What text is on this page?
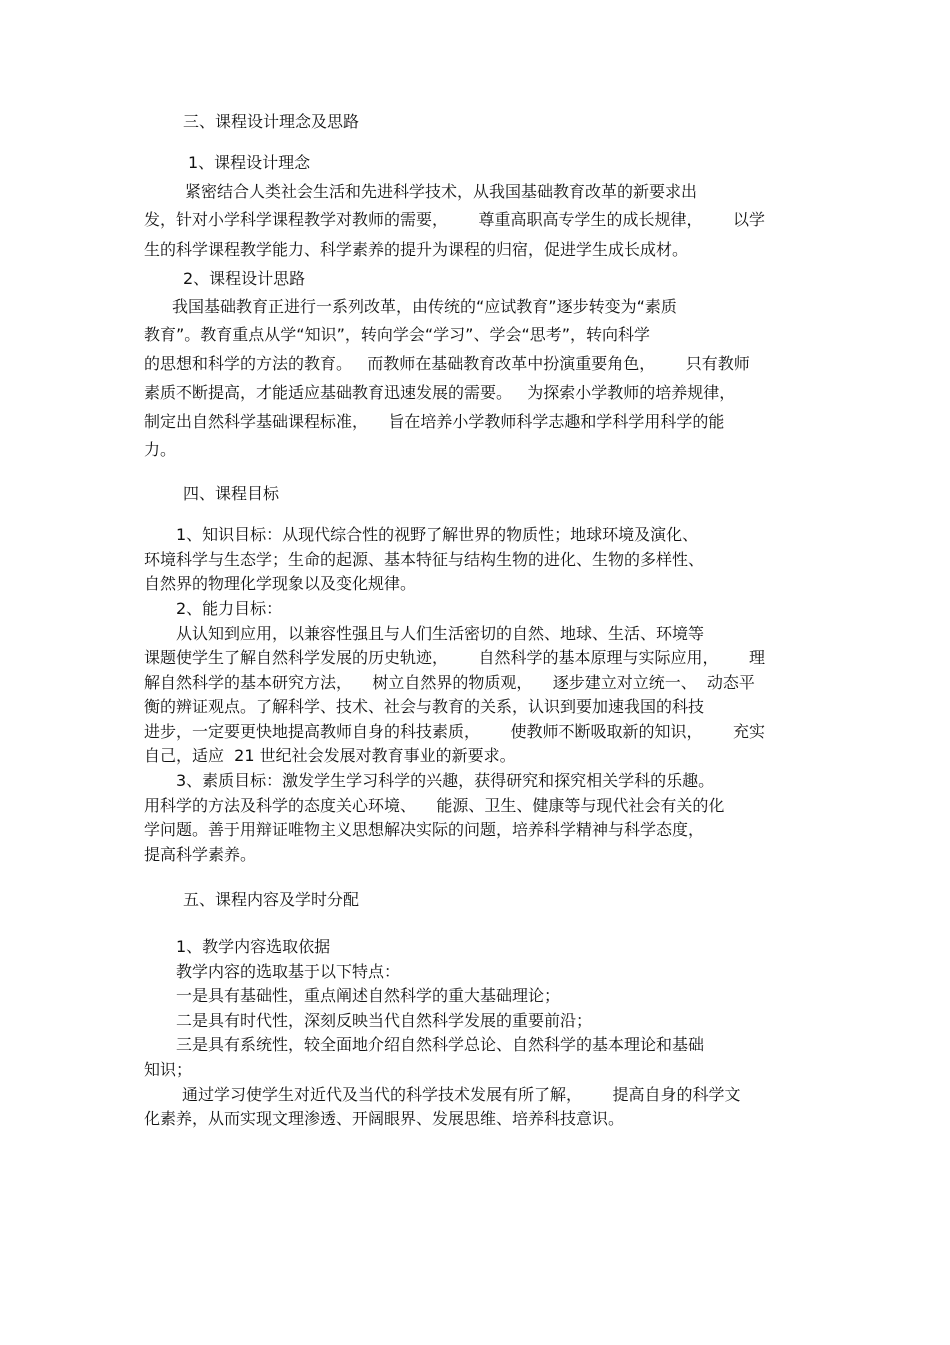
三、课程设计理念及思路
1、课程设计理念
紧密结合人类社会生活和先进科学技术，从我国基础教育改革的新要求出
发，针对小学科学课程教学对教师的需要，      尊重高职高专学生的成长规律，      以学
生的科学课程教学能力、科学素养的提升为课程的归宿，促进学生成长成材。
2、课程设计思路
我国基础教育正进行一系列改革，由传统的“应试教育”逐步转变为“素质
教育”。教育重点从学“知识”，转向学会“学习”、学会“思考”，转向科学
的思想和科学的方法的教育。   而教师在基础教育改革中扮演重要角色，      只有教师
素质不断提高，才能适应基础教育迅速发展的需要。   为探索小学教师的培养规律，
制定出自然科学基础课程标准，    旨在培养小学教师科学志趣和学科学用科学的能
力。
四、课程目标
1、知识目标：从现代综合性的视野了解世界的物质性；地球环境及演化、
环境科学与生态学；生命的起源、基本特征与结构生物的进化、生物的多样性、
自然界的物理化学现象以及变化规律。
2、能力目标：
从认知到应用，以兼容性强且与人们生活密切的自然、地球、生活、环境等
课题使学生了解自然科学发展的历史轨迹，      自然科学的基本原理与实际应用，      理
解自然科学的基本研究方法，    树立自然界的物质观，    逐步建立对立统一、  动态平
衡的辨证观点。了解科学、技术、社会与教育的关系，认识到要加速我国的科技
进步，一定要更快地提高教师自身的科技素质，      使教师不断吸取新的知识，      充实
自己，适应  21 世纪社会发展对教育事业的新要求。
3、素质目标：激发学生学习科学的兴趣，获得研究和探究相关学科的乐趣。
用科学的方法及科学的态度关心环境、    能源、卫生、健康等与现代社会有关的化
学问题。善于用辩证唯物主义思想解决实际的问题，培养科学精神与科学态度，
提高科学素养。
五、课程内容及学时分配
1、教学内容选取依据
教学内容的选取基于以下特点：
一是具有基础性，重点阐述自然科学的重大基础理论；
二是具有时代性，深刻反映当代自然科学发展的重要前沿；
三是具有系统性，较全面地介绍自然科学总论、自然科学的基本理论和基础
知识；
通过学习使学生对近代及当代的科学技术发展有所了解，      提高自身的科学文
化素养，从而实现文理渗透、开阔眼界、发展思维、培养科技意识。
